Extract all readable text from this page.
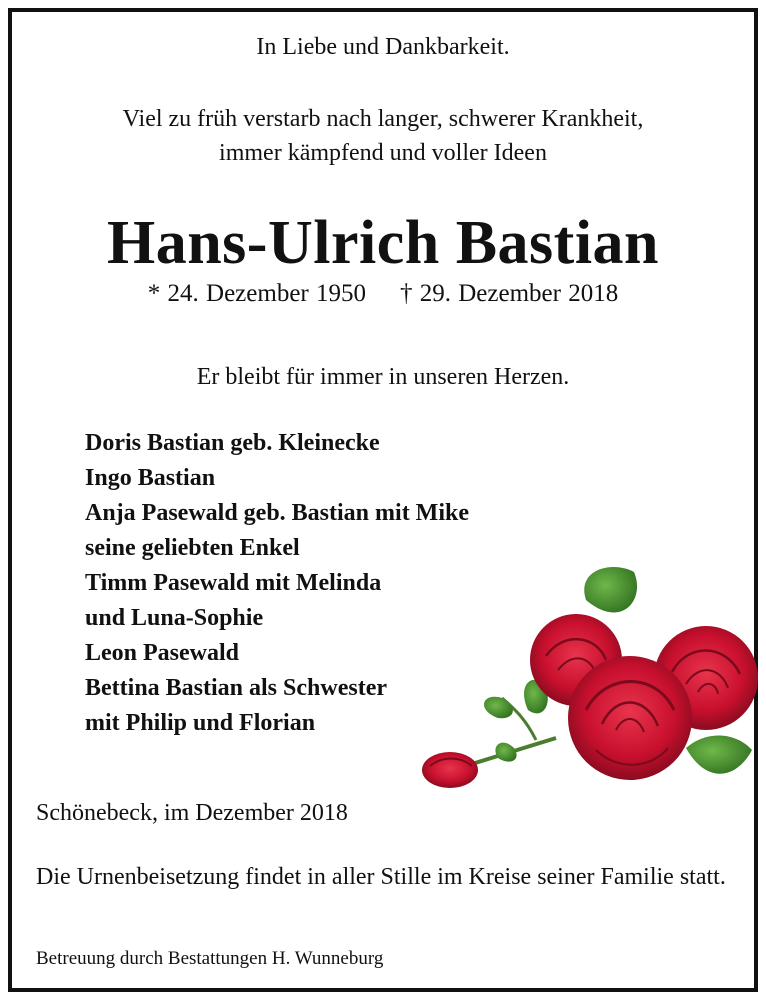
In Liebe und Dankbarkeit.
Viel zu früh verstarb nach langer, schwerer Krankheit,
immer kämpfend und voller Ideen
Hans-Ulrich Bastian
* 24. Dezember 1950 † 29. Dezember 2018
Er bleibt für immer in unseren Herzen.
Doris Bastian geb. Kleinecke
Ingo Bastian
Anja Pasewald geb. Bastian mit Mike
seine geliebten Enkel
Timm Pasewald mit Melinda
und Luna-Sophie
Leon Pasewald
Bettina Bastian als Schwester
mit Philip und Florian
Schönebeck, im Dezember 2018
Die Urnenbeisetzung findet in aller Stille im Kreise seiner Familie statt.
Betreuung durch Bestattungen H. Wunneburg
